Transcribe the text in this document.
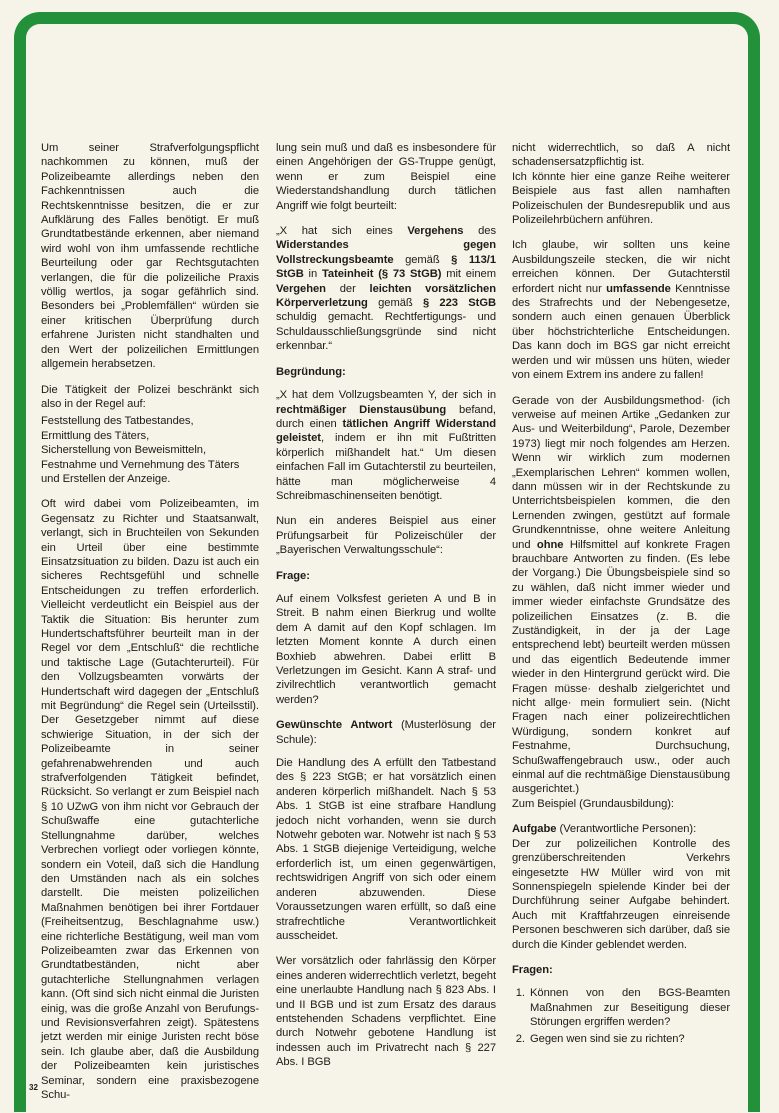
Um seiner Strafverfolgungspflicht nachkommen zu können, muß der Polizeibeamte allerdings neben den Fachkenntnissen auch die Rechtskenntnisse besitzen, die er zur Aufklärung des Falles benötigt. Er muß Grundtatbestände erkennen, aber niemand wird wohl von ihm umfassende rechtliche Beurteilung oder gar Rechtsgutachten verlangen, die für die polizeiliche Praxis völlig wertlos, ja sogar gefährlich sind. Besonders bei „Problemfällen“ würden sie einer kritischen Überprüfung durch erfahrene Juristen nicht standhalten und den Wert der polizeilichen Ermittlungen allgemein herabsetzen.

Die Tätigkeit der Polizei beschränkt sich also in der Regel auf:

Feststellung des Tatbestandes,
Ermittlung des Täters,
Sicherstellung von Beweismitteln,
Festnahme und Vernehmung des Täters und Erstellen der Anzeige.

Oft wird dabei vom Polizeibeamten, im Gegensatz zu Richter und Staatsanwalt, verlangt, sich in Bruchteilen von Sekunden ein Urteil über eine bestimmte Einsatzsituation zu bilden. Dazu ist auch ein sicheres Rechtsgefühl und schnelle Entscheidungen zu treffen erforderlich. Vielleicht verdeutlicht ein Beispiel aus der Taktik die Situation: Bis herunter zum Hundertschaftsführer beurteilt man in der Regel vor dem „Entschluß“ die rechtliche und taktische Lage (Gutachterurteil). Für den Vollzugsbeamten vorwärts der Hundertschaft wird dagegen der „Entschluß mit Begründung“ die Regel sein (Urteilsstil). Der Gesetzgeber nimmt auf diese schwierige Situation, in der sich der Polizeibeamte in seiner gefahrenabwehrenden und auch strafverfolgenden Tätigkeit befindet, Rücksicht. So verlangt er zum Beispiel nach § 10 UZwG von ihm nicht vor Gebrauch der Schußwaffe eine gutachterliche Stellungnahme darüber, welches Verbrechen vorliegt oder vorliegen könnte, sondern ein Voteil, daß sich die Handlung den Umständen nach als ein solches darstellt. Die meisten polizeilichen Maßnahmen benötigen bei ihrer Fortdauer (Freiheitsentzug, Beschlagnahme usw.) eine richterliche Bestätigung, weil man vom Polizeibeamten zwar das Erkennen von Grundtatbeständen, nicht aber gutachterliche Stellungnahmen verlagen kann. (Oft sind sich nicht einmal die Juristen einig, was die große Anzahl von Berufungs- und Revisionsverfahren zeigt). Spätestens jetzt werden mir einige Juristen recht böse sein. Ich glaube aber, daß die Ausbildung der Polizeibeamten kein juristisches Seminar, sondern eine praxisbezogene Schu-

lung sein muß und daß es insbesondere für einen Angehörigen der GS-Truppe genügt, wenn er zum Beispiel eine Wiederstandshandlung durch tätlichen Angriff wie folgt beurteilt:

„X hat sich eines Vergehens des Widerstandes gegen Vollstreckungsbeamte gemäß § 113/1 StGB in Tateinheit (§ 73 StGB) mit einem Vergehen der leichten vorsätzlichen Körperverletzung gemäß § 223 StGB schuldig gemacht. Rechtfertigungs- und Schuldausschließungsgründe sind nicht erkennbar.“

Begründung:

„X hat dem Vollzugsbeamten Y, der sich in rechtmäßiger Dienstausübung befand, durch einen tätlichen Angriff Widerstand geleistet, indem er ihn mit Fußtritten körperlich mißhandelt hat.“ Um diesen einfachen Fall im Gutachterstil zu beurteilen, hätte man möglicherweise 4 Schreibmaschinenseiten benötigt.

Nun ein anderes Beispiel aus einer Prüfungsarbeit für Polizeischüler der „Bayerischen Verwaltungsschule“:

Frage:

Auf einem Volksfest gerieten A und B in Streit. B nahm einen Bierkrug und wollte dem A damit auf den Kopf schlagen. Im letzten Moment konnte A durch einen Boxhieb abwehren. Dabei erlitt B Verletzungen im Gesicht. Kann A straf- und zivilrechtlich verantwortlich gemacht werden?

Gewünschte Antwort (Musterlösung der Schule):

Die Handlung des A erfüllt den Tatbestand des § 223 StGB; er hat vorsätzlich einen anderen körperlich mißhandelt. Nach § 53 Abs. 1 StGB ist eine strafbare Handlung jedoch nicht vorhanden, wenn sie durch Notwehr geboten war. Notwehr ist nach § 53 Abs. 1 StGB diejenige Verteidigung, welche erforderlich ist, um einen gegenwärtigen, rechtswidrigen Angriff von sich oder einem anderen abzuwenden. Diese Voraussetzungen waren erfüllt, so daß eine strafrechtliche Verantwortlichkeit ausscheidet.

Wer vorsätzlich oder fahrlässig den Körper eines anderen widerrechtlich verletzt, begeht eine unerlaubte Handlung nach § 823 Abs. I und II BGB und ist zum Ersatz des daraus entstehenden Schadens verpflichtet. Eine durch Notwehr gebotene Handlung ist indessen auch im Privatrecht nach § 227 Abs. I BGB

nicht widerrechtlich, so daß A nicht schadensersatzpflichtig ist.
Ich könnte hier eine ganze Reihe weiterer Beispiele aus fast allen namhaften Polizeischulen der Bundesrepublik und aus Polizeilehrbüchern anführen.

Ich glaube, wir sollten uns keine Ausbildungszeile stecken, die wir nicht erreichen können. Der Gutachterstil erfordert nicht nur umfassende Kenntnisse des Strafrechts und der Nebengesetze, sondern auch einen genauen Überblick über höchstrichterliche Entscheidungen. Das kann doch im BGS gar nicht erreicht werden und wir müssen uns hüten, wieder von einem Extrem ins andere zu fallen!

Gerade von der Ausbildungsmethod· (ich verweise auf meinen Artike „Gedanken zur Aus- und Weiterbildung“, Parole, Dezember 1973) liegt mir noch folgendes am Herzen. Wenn wir wirklich zum modernen „Exemplarischen Lehren“ kommen wollen, dann müssen wir in der Rechtskunde zu Unterrichtsbeispielen kommen, die den Lernenden zwingen, gestützt auf formale Grundkenntnisse, ohne weitere Anleitung und ohne Hilfsmittel auf konkrete Fragen brauchbare Antworten zu finden. (Es lebe der Vorgang.) Die Übungsbeispiele sind so zu wählen, daß nicht immer wieder und immer wieder einfachste Grundsätze des polizeilichen Einsatzes (z. B. die Zuständigkeit, in der ja der Lage entsprechend lebt) beurteilt werden müssen und das eigentlich Bedeutende immer wieder in den Hintergrund gerückt wird. Die Fragen müsse· deshalb zielgerichtet und nicht allge· mein formuliert sein. (Nicht Fragen nach einer polizeirechtlichen Würdigung, sondern konkret auf Festnahme, Durchsuchung, Schußwaffengebrauch usw., oder auch einmal auf die rechtmäßige Dienstausübung ausgerichtet.)
Zum Beispiel (Grundausbildung):

Aufgabe (Verantwortliche Personen):

Der zur polizeilichen Kontrolle des grenzüberschreitenden Verkehrs eingesetzte HW Müller wird von mit Sonnenspiegeln spielende Kinder bei der Durchführung seiner Aufgabe behindert. Auch mit Kraftfahrzeugen einreisende Personen beschweren sich darüber, daß sie durch die Kinder geblendet werden.

Fragen:

1. Können von den BGS-Beamten Maßnahmen zur Beseitigung dieser Störungen ergriffen werden?
2. Gegen wen sind sie zu richten?
32
